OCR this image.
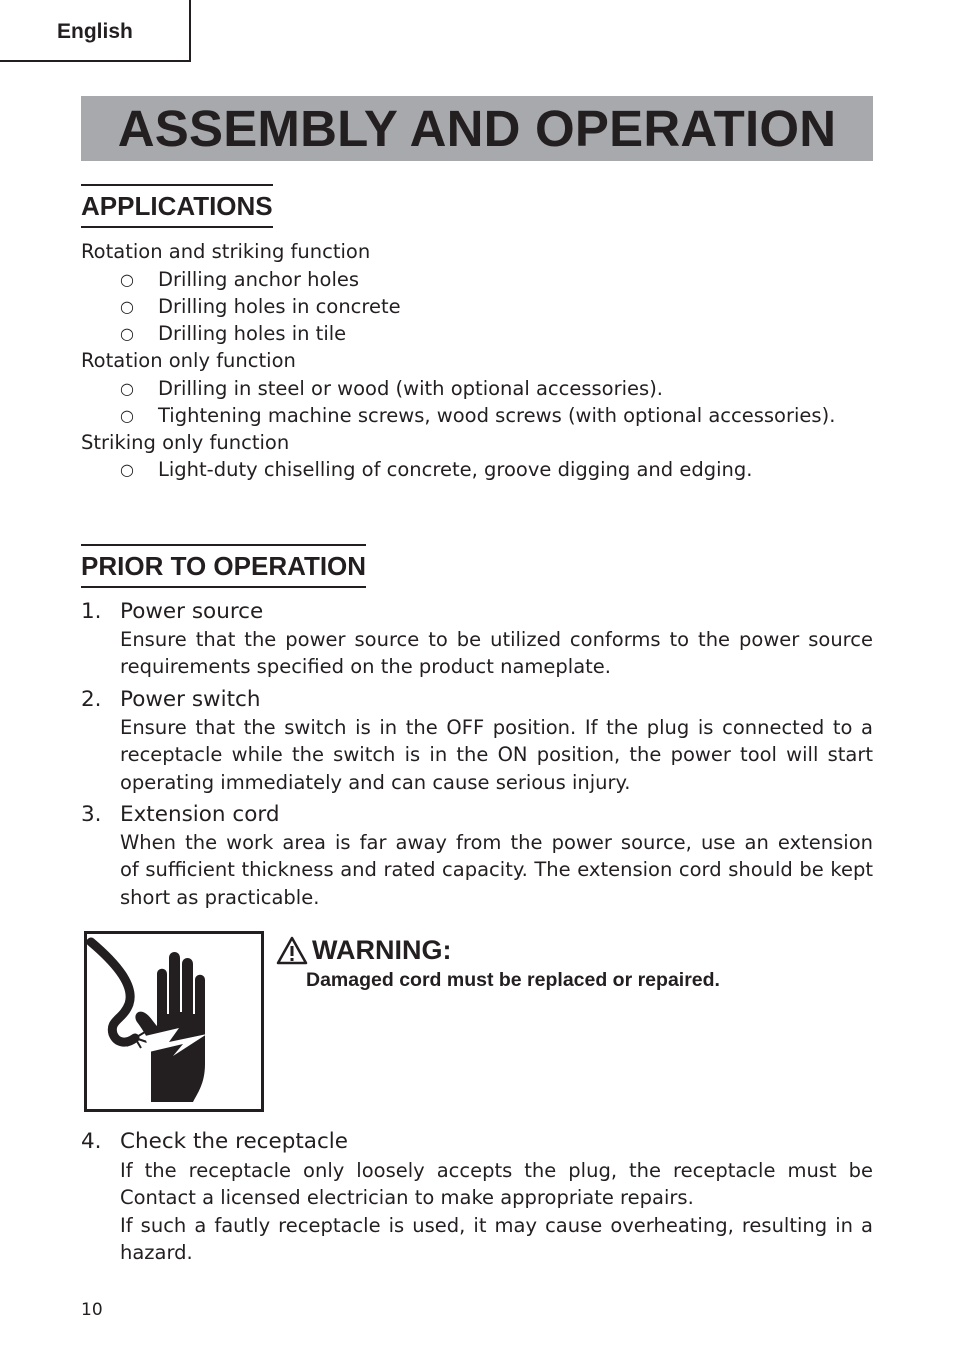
English
ASSEMBLY AND OPERATION
APPLICATIONS
Rotation and striking function
○ Drilling anchor holes
○ Drilling holes in concrete
○ Drilling holes in tile
Rotation only function
○ Drilling in steel or wood (with optional accessories).
○ Tightening machine screws, wood screws (with optional accessories).
Striking only function
○ Light-duty chiselling of concrete, groove digging and edging.
PRIOR TO OPERATION
1. Power source

Ensure that the power source to be utilized conforms to the power source
requirements specified on the product nameplate.

2. Power switch

Ensure that the switch is in the OFF position. If the plug is connected to a
receptacle while the switch is in the ON position, the power tool will start
operating immediately and can cause serious injury.

3. Extension cord

When the work area is far away from the power source, use an extension
of sufficient thickness and rated capacity. The extension cord should be kept
short as practicable.

WARNING:
Damaged cord must be replaced or repaired.
4. Check the receptacle

If the receptacle only loosely accepts the plug, the receptacle must be
Contact a licensed electrician to make appropriate repairs.
If such a fautly receptacle is used, it may cause overheating, resulting in a
hazard.

10
